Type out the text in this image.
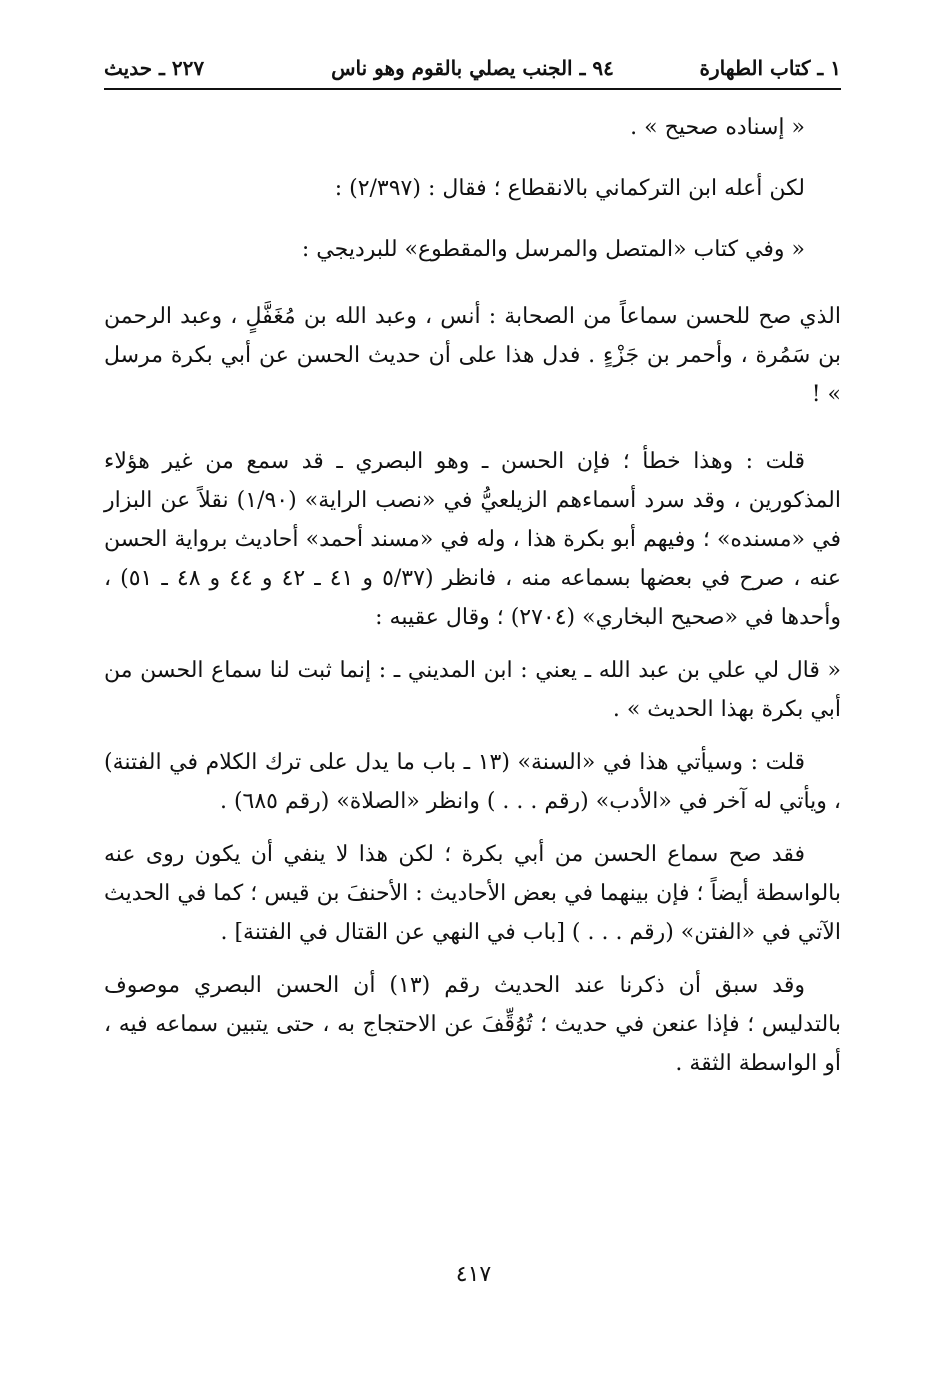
١ ـ كتاب الطهارة
٩٤ ـ الجنب يصلي بالقوم وهو ناس
٢٢٧ ـ حديث

« إسناده صحيح » .

لكن أعله ابن التركماني بالانقطاع ؛ فقال : (٢/٣٩٧) :

« وفي كتاب «المتصل والمرسل والمقطوع» للبرديجي :

الذي صح للحسن سماعاً من الصحابة : أنس ، وعبد الله بن مُغَفَّلٍ ، وعبد الرحمن بن سَمُرة ، وأحمر بن جَزْءٍ . فدل هذا على أن حديث الحسن عن أبي بكرة مرسل » !

قلت : وهذا خطأ ؛ فإن الحسن ـ وهو البصري ـ قد سمع من غير هؤلاء المذكورين ، وقد سرد أسماءهم الزيلعيُّ في «نصب الراية» (١/٩٠) نقلاً عن البزار في «مسنده» ؛ وفيهم أبو بكرة هذا ، وله في «مسند أحمد» أحاديث برواية الحسن عنه ، صرح في بعضها بسماعه منه ، فانظر (٥/٣٧ و ٤١ ـ ٤٢ و ٤٤ و ٤٨ ـ ٥١) ، وأحدها في «صحيح البخاري» (٢٧٠٤) ؛ وقال عقيبه :

« قال لي علي بن عبد الله ـ يعني : ابن المديني ـ : إنما ثبت لنا سماع الحسن من أبي بكرة بهذا الحديث » .

قلت : وسيأتي هذا في «السنة» (١٣ ـ باب ما يدل على ترك الكلام في الفتنة) ، ويأتي له آخر في «الأدب» (رقم . . . ) وانظر «الصلاة» (رقم ٦٨٥) .

فقد صح سماع الحسن من أبي بكرة ؛ لكن هذا لا ينفي أن يكون روى عنه بالواسطة أيضاً ؛ فإن بينهما في بعض الأحاديث : الأحنفَ بن قيس ؛ كما في الحديث الآتي في «الفتن» (رقم . . . ) [باب في النهي عن القتال في الفتنة] .

وقد سبق أن ذكرنا عند الحديث رقم (١٣) أن الحسن البصري موصوف بالتدليس ؛ فإذا عنعن في حديث ؛ تُوُقِّفَ عن الاحتجاج به ، حتى يتبين سماعه فيه ، أو الواسطة الثقة .

٤١٧
